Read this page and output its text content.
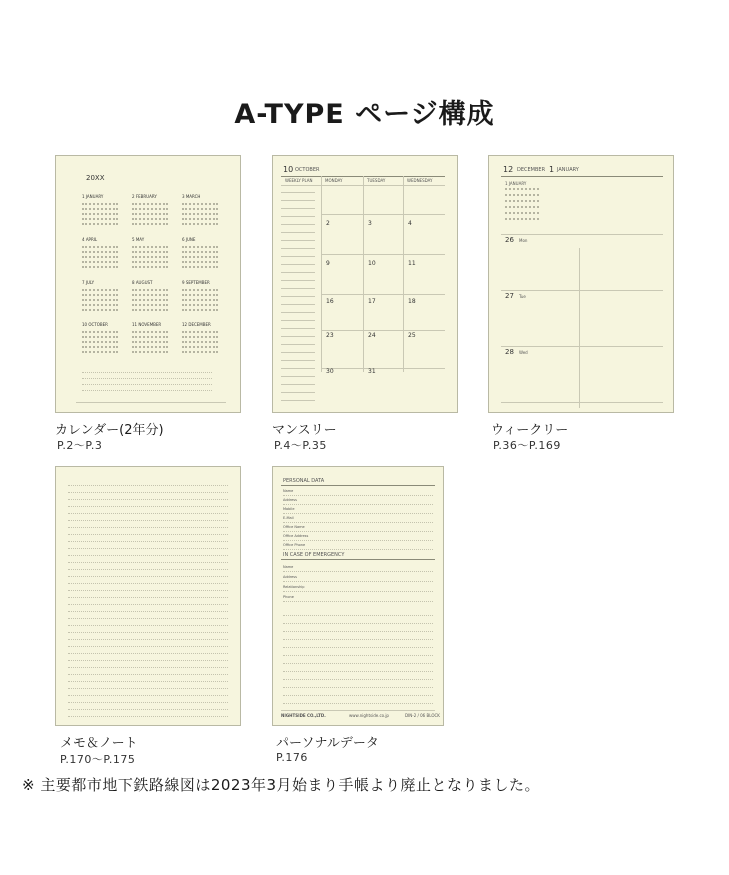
A-TYPE ページ構成
20XX
1 JANUARY	2 FEBRUARY	3 MARCH
4 APRIL	5 MAY	6 JUNE
7 JULY	8 AUGUST	9 SEPTEMBER
10 OCTOBER	11 NOVEMBER	12 DECEMBER
10 OCTOBER
WEEKLY PLAN	MONDAY	TUESDAY	WEDNESDAY
2	3	4
9	10	11
16	17	18
23	24	25
30	31
12 DECEMBER 1 JANUARY
1 JANUARY
26 Mon
27 Tue
28 Wed
PERSONAL DATA
IN CASE OF EMERGENCY
NIGHTSIDE CO.,LTD.	www.nightside.co.jp	DIN-2 / 06 BLOCK
Name
Address
Mobile
E-Mail
Office Name
Office Address
Office Phone
Name
Address
Relationship
Phone
カレンダー(2年分)
P.2～P.3
マンスリー
P.4～P.35
ウィークリー
P.36～P.169
メモ＆ノート
P.170～P.175
パーソナルデータ
P.176
※ 主要都市地下鉄路線図は2023年3月始まり手帳より廃止となりました。
